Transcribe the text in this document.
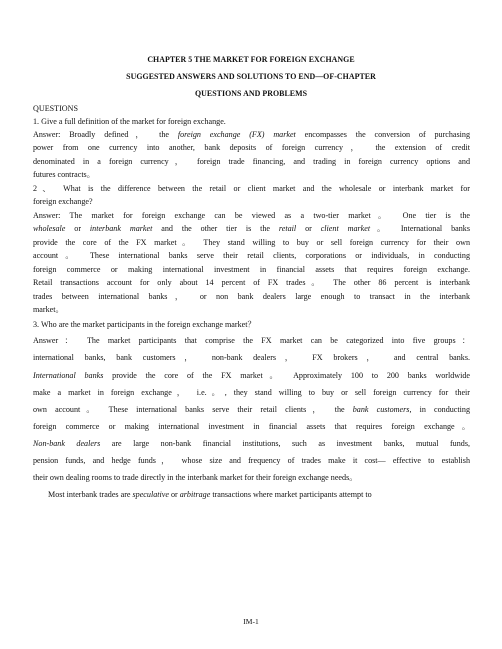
CHAPTER 5 THE MARKET FOR FOREIGN EXCHANGE
SUGGESTED ANSWERS AND SOLUTIONS TO END—OF-CHAPTER
QUESTIONS AND PROBLEMS
QUESTIONS
1. Give a full definition of the market for foreign exchange.
Answer: Broadly defined， the foreign exchange (FX) market encompasses the conversion of purchasing
power from one currency into another, bank deposits of foreign currency， the extension of credit
denominated in a foreign currency， foreign trade financing, and trading in foreign currency options and
futures contracts。
2、 What is the difference between the retail or client market and the wholesale or interbank market for
foreign exchange?
Answer: The market for foreign exchange can be viewed as a two-tier market。 One tier is the
wholesale or interbank market and the other tier is the retail or client market。 International banks
provide the core of the FX market。 They stand willing to buy or sell foreign currency for their own
account。 These international banks serve their retail clients, corporations or individuals, in conducting
foreign commerce or making international investment in financial assets that requires foreign exchange.
Retail transactions account for only about 14 percent of FX trades。 The other 86 percent is interbank
trades between international banks， or non bank dealers large enough to transact in the interbank
market。
3. Who are the market participants in the foreign exchange market？
Answer： The market participants that comprise the FX market can be categorized into five groups：
international banks, bank customers， non-bank dealers， FX brokers， and central banks.
International banks provide the core of the FX market。 Approximately 100 to 200 banks worldwide
make a market in foreign exchange， i.e.。, they stand willing to buy or sell foreign currency for their
own account。 These international banks serve their retail clients， the bank customers, in conducting
foreign commerce or making international investment in financial assets that requires foreign exchange。
Non-bank dealers are large non-bank financial institutions, such as investment banks, mutual funds,
pension funds, and hedge funds， whose size and frequency of trades make it cost— effective to establish
their own dealing rooms to trade directly in the interbank market for their foreign exchange needs。
Most interbank trades are speculative or arbitrage transactions where market participants attempt to
IM-1
